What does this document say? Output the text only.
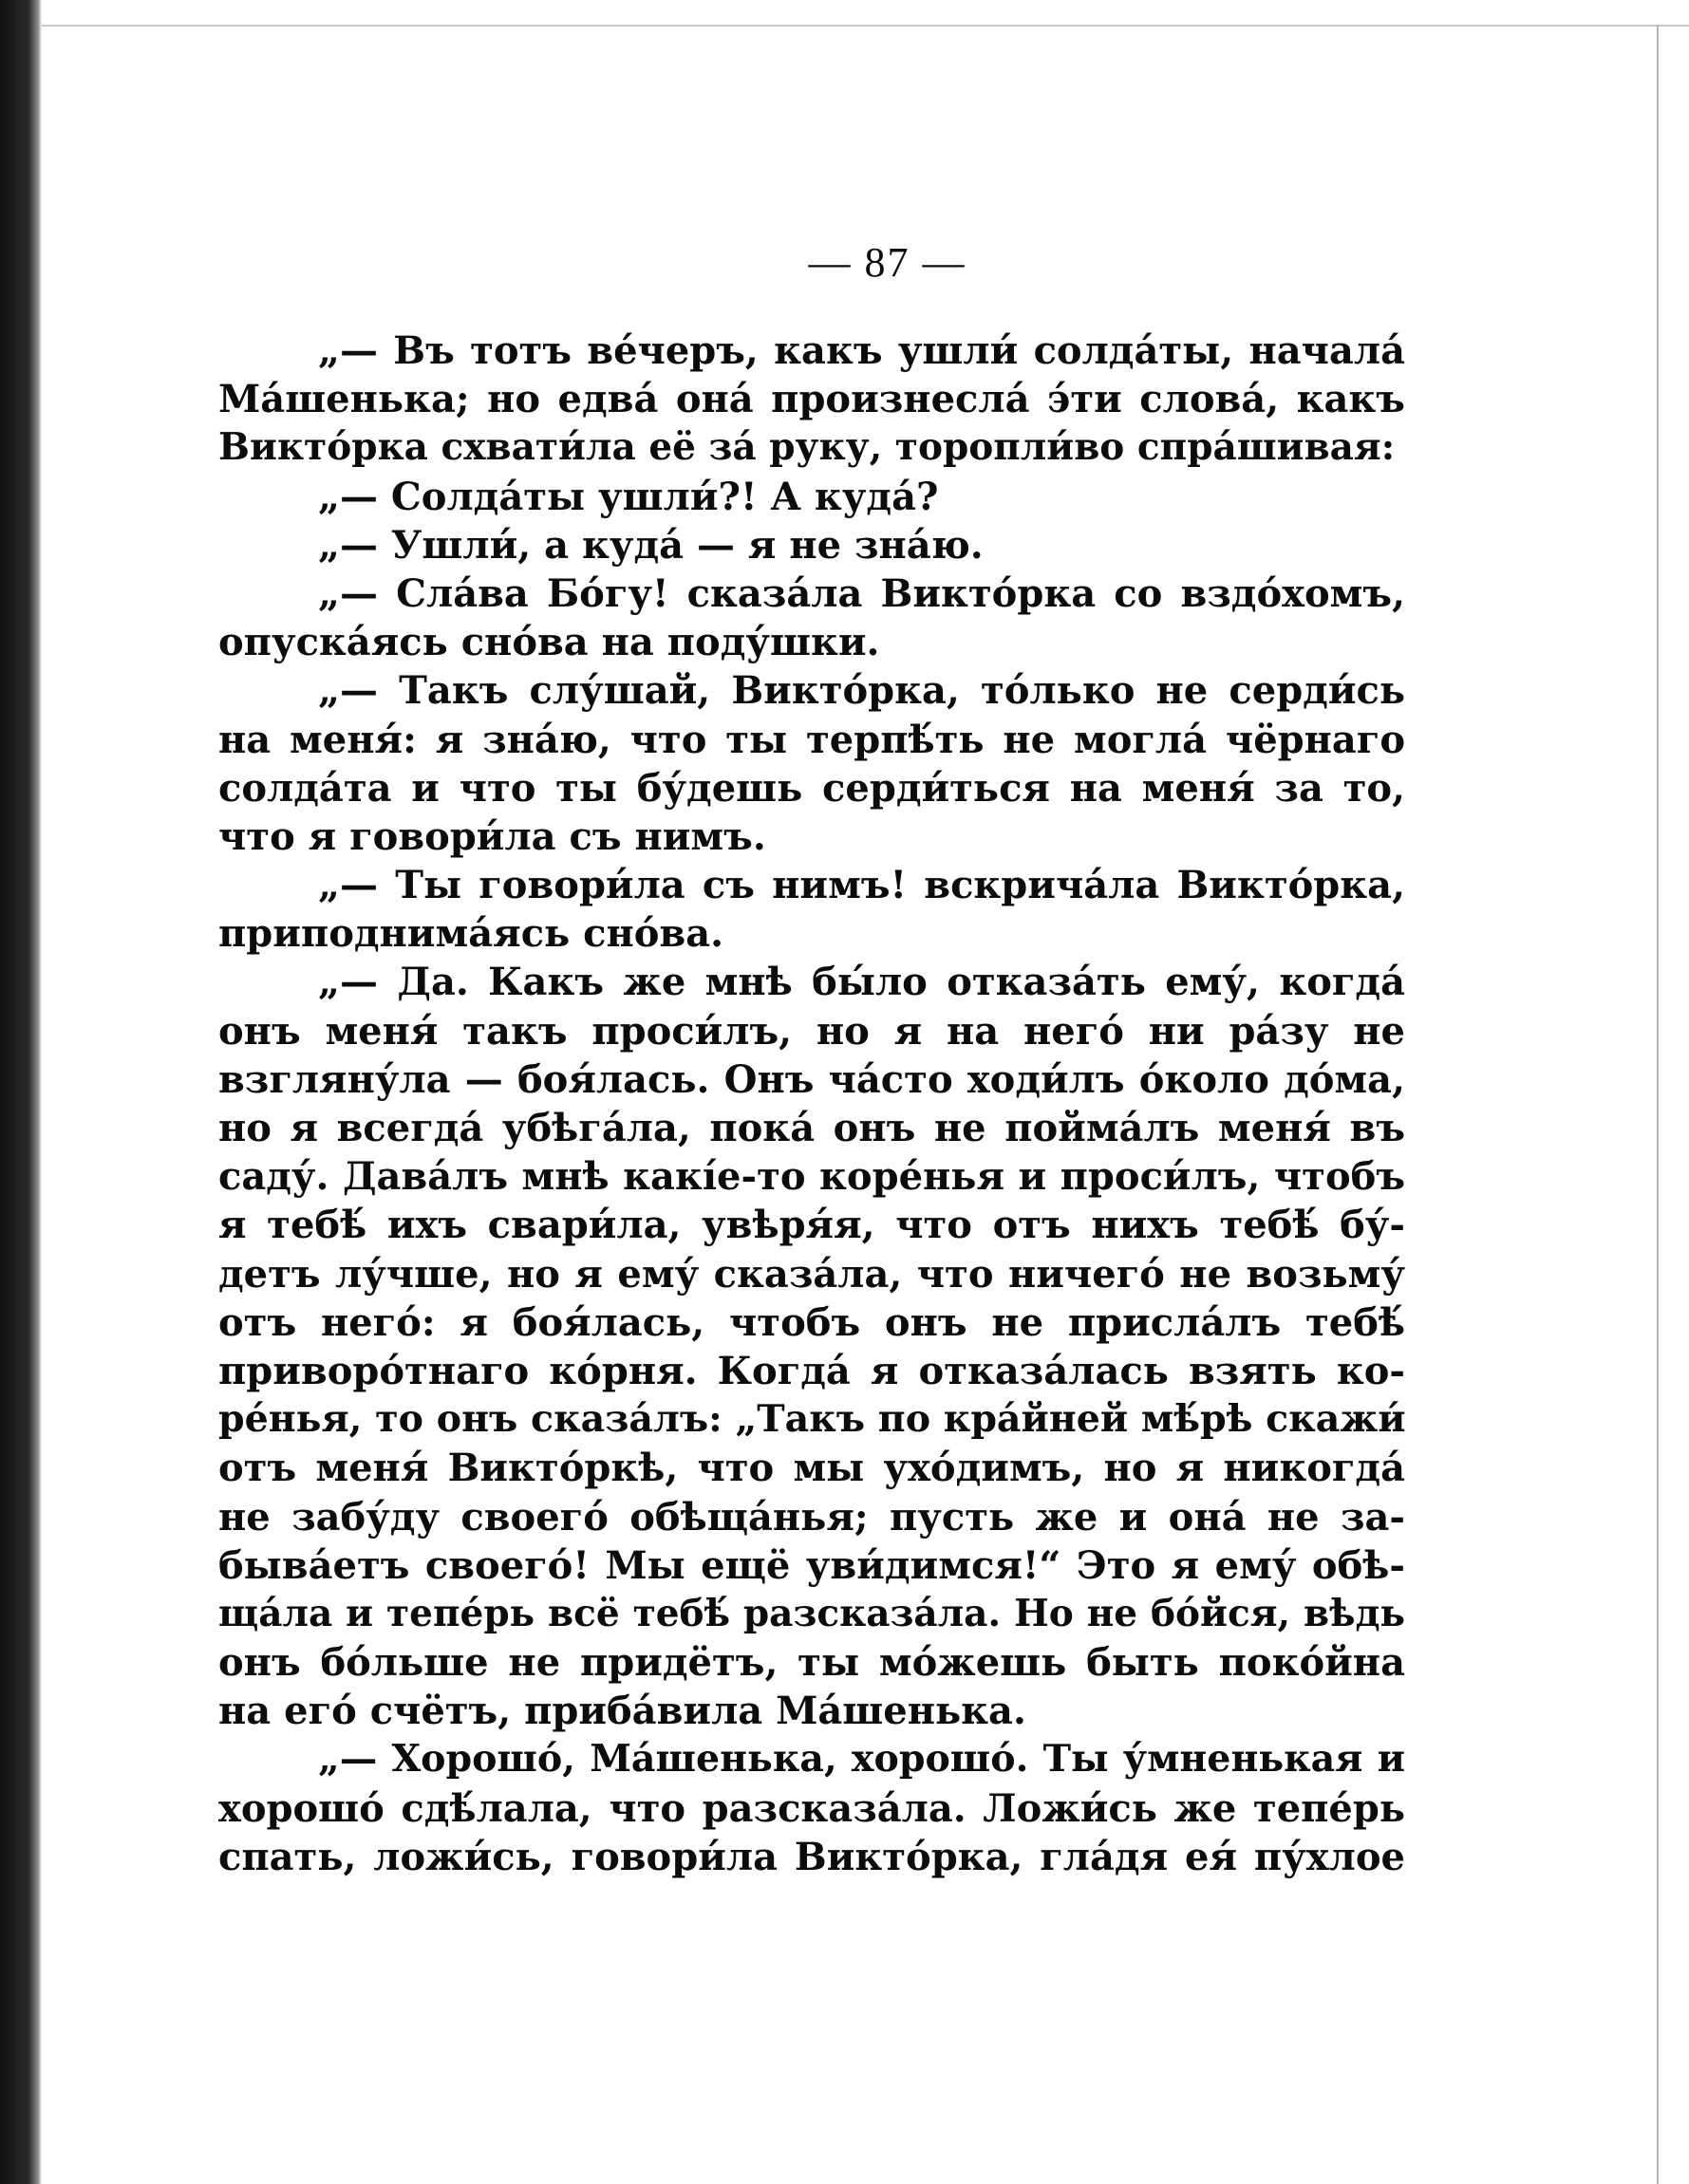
— 87 —
„— Въ тотъ ве́черъ, какъ ушли́ солда́ты, начала́
Ма́шенька; но едва́ она́ произнесла́ э́ти слова́, какъ
Викто́рка схвати́ла её за́ руку, торопли́во спра́шивая:
„— Солда́ты ушли́?! А куда́?
„— Ушли́, а куда́ — я не зна́ю.
„— Сла́ва Бо́гу! сказа́ла Викто́рка со вздо́хомъ,
опуска́ясь сно́ва на поду́шки.
„— Такъ слу́шай, Викто́рка, то́лько не серди́сь
на меня́: я зна́ю, что ты терпѣ́ть не могла́ чёрнаго
солда́та и что ты бу́дешь серди́ться на меня́ за то,
что я говори́ла съ нимъ.
„— Ты говори́ла съ нимъ! вскрича́ла Викто́рка,
приподнима́ясь сно́ва.
„— Да. Какъ же мнѣ бы́ло отказа́ть ему́, когда́
онъ меня́ такъ проси́лъ, но я на него́ ни ра́зу не
взгляну́ла — боя́лась. Онъ ча́сто ходи́лъ о́коло до́ма,
но я всегда́ убѣга́ла, пока́ онъ не пойма́лъ меня́ въ
саду́. Дава́лъ мнѣ какі́е-то коре́нья и проси́лъ, чтобъ
я тебѣ́ ихъ свари́ла, увѣря́я, что отъ нихъ тебѣ́ бу́-
детъ лу́чше, но я ему́ сказа́ла, что ничего́ не возьму́
отъ него́: я боя́лась, чтобъ онъ не присла́лъ тебѣ́
приворо́тнаго ко́рня. Когда́ я отказа́лась взять ко-
ре́нья, то онъ сказа́лъ: „Такъ по кра́йней мѣ́рѣ скажи́
отъ меня́ Викто́ркѣ, что мы ухо́димъ, но я никогда́
не забу́ду своего́ обѣща́нья; пусть же и она́ не за-
быва́етъ своего́! Мы ещё уви́димся!“ Это я ему́ обѣ-
ща́ла и тепе́рь всё тебѣ́ разсказа́ла. Но не бо́йся, вѣдь
онъ бо́льше не придётъ, ты мо́жешь быть поко́йна
на его́ счётъ, приба́вила Ма́шенька.
„— Хорошо́, Ма́шенька, хорошо́. Ты у́мненькая и
хорошо́ сдѣ́лала, что разсказа́ла. Ложи́сь же тепе́рь
спать, ложи́сь, говори́ла Викто́рка, гла́дя ея́ пу́хлое
